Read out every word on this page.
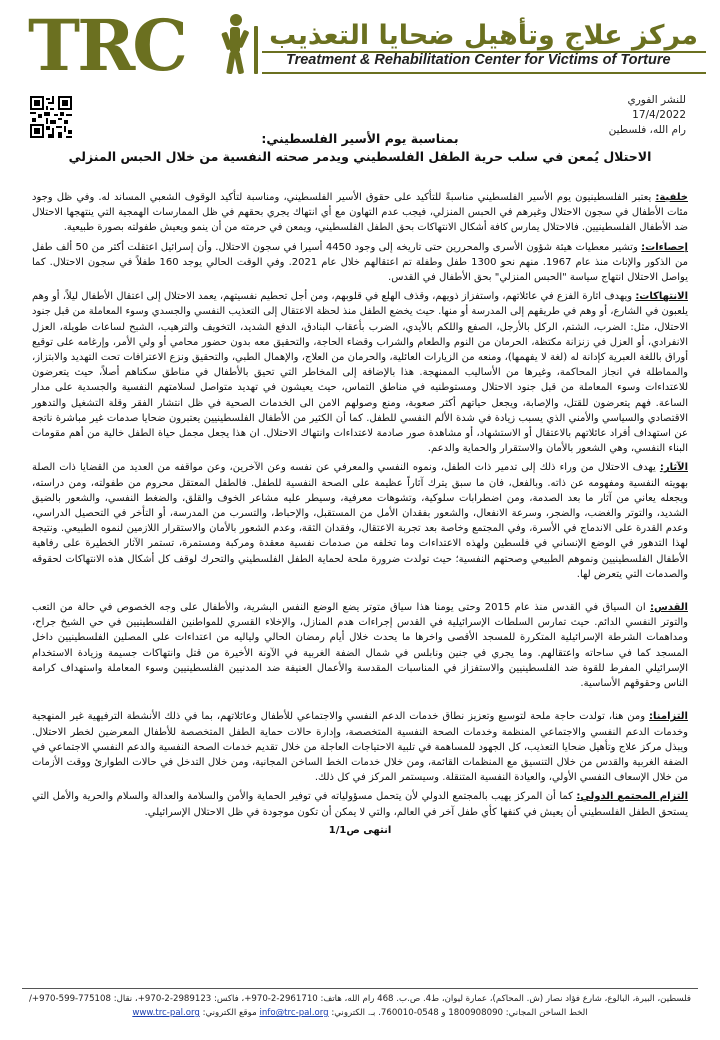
TRC	مركز علاج وتأهيل ضحايا التعذيب
Treatment & Rehabilitation Center for Victims of Torture
للنشر الفوري
17/4/2022
رام الله، فلسطين
بمناسبة يوم الأسير الفلسطيني:
الاحتلال يُمعن في سلب حرية الطفل الفلسطيني ويدمر صحته النفسية من خلال الحبس المنزلي

خلفية: يعتبر الفلسطينيون يوم الأسير الفلسطيني مناسبةً للتأكيد على حقوق الأسير الفلسطيني، ومناسبة لتأكيد الوقوف الشعبي المساند له. وفي ظل وجود مئات الأطفال في سجون الاحتلال وغيرهم في الحبس المنزلي، فيجب عدم التهاون مع أي انتهاك يجري بحقهم في ظل الممارسات الهمجية التي ينتهجها الاحتلال ضد الأطفال الفلسطينيين. فالاحتلال يمارس كافة أشكال الانتهاكات بحق الطفل الفلسطيني، ويمعن في حرمته من أن ينمو ويعيش طفولته بصورة طبيعية.

إحصاءات: وتشير معطيات هيئة شؤون الأسرى والمحررين حتى تاريخه إلى وجود 4450 أسيرا في سجون الاحتلال. وأن إسرائيل اعتقلت أكثر من 50 ألف طفل من الذكور والإناث منذ عام 1967. منهم نحو 1300 طفل وطفلة تم اعتقالهم خلال عام 2021. وفي الوقت الحالي يوجد 160 طفلاً في سجون الاحتلال. كما يواصل الاحتلال انتهاج سياسة "الحبس المنزلي" بحق الأطفال في القدس.

الانتهاكات: ويهدف اثارة الفزع في عائلاتهم، واستفزاز ذويهم، وقذف الهلع في قلوبهم، ومن أجل تحطيم نفسيتهم، يعمد الاحتلال إلى اعتقال الأطفال ليلاً، أو وهم يلعبون في الشارع، أو وهم في طريقهم إلى المدرسة أو منها. حيث يخضع الطفل منذ لحظة الاعتقال إلى التعذيب النفسي والجسدي وسوء المعاملة من قبل جنود الاحتلال، مثل: الضرب، الشتم، الركل بالأرجل، الصفع واللكم بالأيدي، الضرب بأعقاب البنادق، الدفع الشديد، التخويف والترهيب، الشبح لساعات طويلة، العزل الانفرادي، أو العزل في زنزانة مكتظة، الحرمان من النوم والطعام والشراب وقضاء الحاجة، والتحقيق معه بدون حضور محامي أو ولي الأمر، وإرغامه على توقيع أوراق باللغة العبرية كإدانة له (لغة لا يفهمها)، ومنعه من الزيارات العائلية، والحرمان من العلاج، والإهمال الطبي، والتحقيق ونزع الاعترافات تحت التهديد والابتزاز، والمماطلة في انجاز المحاكمة، وغيرها من الأساليب الممنهجة. هذا بالإضافة إلى المخاطر التي تحيق بالأطفال في مناطق سكناهم أصلاً، حيث يتعرضون للاعتداءات وسوء المعاملة من قبل جنود الاحتلال ومستوطنيه في مناطق التماس، حيث يعيشون في تهديد متواصل لسلامتهم النفسية والجسدية على مدار الساعة. فهم يتعرضون للقتل، والإصابة، ويجعل حياتهم أكثر صعوبة، ومنع وصولهم الامن الى الخدمات الصحية في ظل انتشار الفقر وقلة التشغيل والتدهور الاقتصادي والسياسي والأمني الذي يسبب زيادة في شدة الألم النفسي للطفل. كما أن الكثير من الأطفال الفلسطينيين يعتبرون ضحايا صدمات غير مباشرة ناتجة عن استهداف أفراد عائلاتهم بالاعتقال أو الاستشهاد، أو مشاهدة صور صادمة لاعتداءات وانتهاك الاحتلال. ان هذا يجعل مجمل حياة الطفل خالية من أهم مقومات البناء النفسي، وهي الشعور بالأمان والاستقرار والحماية والدعم.

الآثار: يهدف الاحتلال من وراء ذلك إلى تدمير ذات الطفل، ونموه النفسي والمعرفي عن نفسه وعن الآخرين، وعن مواقفه من العديد من القضايا ذات الصلة بهويته النفسية ومفهومه عن ذاته. وبالفعل، فان ما سبق يترك آثاراً عظيمة على الصحة النفسية للطفل. فالطفل المعتقل محروم من طفولته، ومن دراسته، ويجعله يعاني من آثار ما بعد الصدمة، ومن اضطرابات سلوكية، وتشوهات معرفية، وسيطر عليه مشاعر الخوف والقلق، والضغط النفسي، والشعور بالضيق الشديد، والتوتر والغضب، والضجر، وسرعة الانفعال، والشعور بفقدان الأمل من المستقبل، والإحباط، والتسرب من المدرسة، أو التأخر في التحصيل الدراسي، وعدم القدرة على الاندماج في الأسرة، وفي المجتمع وخاصة بعد تجربة الاعتقال، وفقدان الثقة، وعدم الشعور بالأمان والاستقرار اللازمين لنموه الطبيعي. ونتيجة لهذا التدهور في الوضع الإنساني في فلسطين ولهذه الاعتداءات وما تخلفه من صدمات نفسية معقدة ومركبة ومستمرة، تستمر الآثار الخطيرة على رفاهية الأطفال الفلسطينيين ونموهم الطبيعي وصحتهم النفسية؛ حيث تولدت ضرورة ملحة لحماية الطفل الفلسطيني والتحرك لوقف كل أشكال هذه الانتهاكات لحقوقه والصدمات التي يتعرض لها.

القدس: ان السياق في القدس منذ عام 2015 وحتى يومنا هذا سياق متوتر يضع الوضع النفس البشرية، والأطفال على وجه الخصوص في حالة من التعب والتوتر النفسي الدائم. حيث تمارس السلطات الإسرائيلية في القدس إجراءات هدم المنازل، والإخلاء القسري للمواطنين الفلسطينيين في حي الشيخ جراح، ومداهمات الشرطة الإسرائيلية المتكررة للمسجد الأقصى واخرها ما يحدث خلال أيام رمضان الحالي ولياليه من اعتداءات على المصلين الفلسطينيين داخل المسجد كما في ساحاته واعتقالهم. وما يجري في جنين ونابلس في شمال الضفة الغربية في الآونة الأخيرة من قتل وانتهاكات جسيمة وزيادة الاستخدام الإسرائيلي المفرط للقوة ضد الفلسطينيين والاستفزاز في المناسبات المقدسة والأعمال العنيفة ضد المدنيين الفلسطينيين وسوء المعاملة واستهداف كرامة الناس وحقوقهم الأساسية.

التزامنا: ومن هنا، تولدت حاجة ملحة لتوسيع وتعزيز نطاق خدمات الدعم النفسي والاجتماعي للأطفال وعائلاتهم، بما في ذلك الأنشطة الترفيهية غير المنهجية وخدمات الدعم النفسي والاجتماعي المنظمة وخدمات الصحة النفسية المتخصصة، وإدارة حالات حماية الطفل المتخصصة للأطفال المعرضين لخطر الاحتلال. ويبذل مركز علاج وتأهيل ضحايا التعذيب، كل الجهود للمساهمة في تلبية الاحتياجات العاجلة من خلال تقديم خدمات الصحة النفسية والدعم النفسي الاجتماعي في الضفة الغربية والقدس من خلال التنسيق مع المنظمات القائمة، ومن خلال خدمات الخط الساخن المجانية، ومن خلال التدخل في حالات الطوارئ ووقت الأزمات من خلال الإسعاف النفسي الأولي، والعيادة النفسية المتنقلة. وسيستمر المركز في كل ذلك.

التزام المجتمع الدولي: كما أن المركز يهيب بالمجتمع الدولي لأن يتحمل مسؤولياته في توفير الحماية والأمن والسلامة والعدالة والسلام والحرية والأمل التي يستحق الطفل الفلسطيني أن يعيش في كنفها كأي طفل آخر في العالم، والتي لا يمكن أن تكون موجودة في ظل الاحتلال الإسرائيلي.

انتهى ص1/1
فلسطين، البيرة، البالوع، شارع فؤاد نصار (ش. المحاكم)، عمارة ليوان، ط4. ص.ب. 468 رام الله، هاتف: 2961710-2-970+، فاكس: 2989123-2-970+، نقال: 775108-599-970+/ الخط الساخن المجاني: 1800908090 و 0548-760010. بـ. الكتروني: info@trc-pal.org موقع الكتروني: www.trc-pal.org
